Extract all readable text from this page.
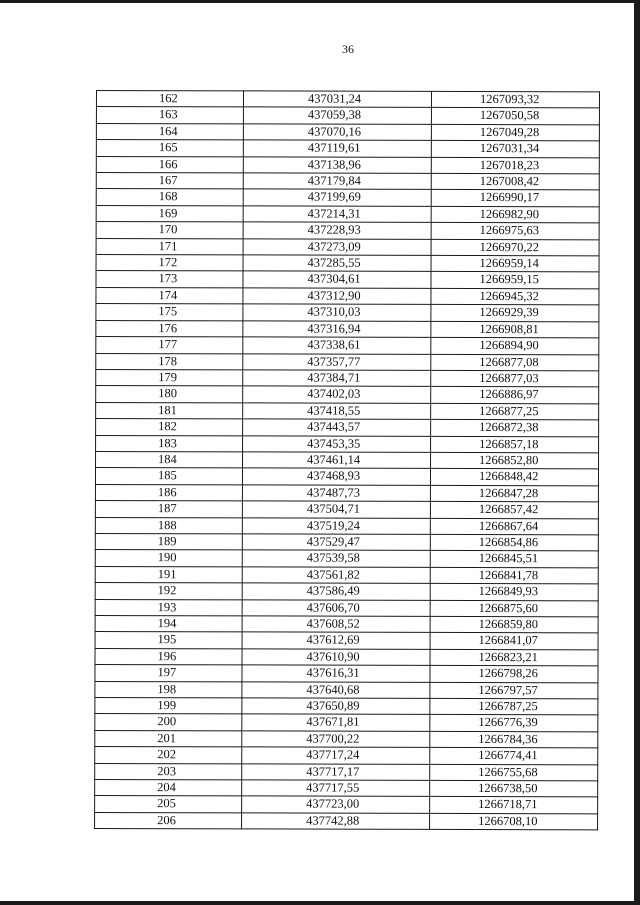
36
162	437031,24	1267093,32
163	437059,38	1267050,58
164	437070,16	1267049,28
165	437119,61	1267031,34
166	437138,96	1267018,23
167	437179,84	1267008,42
168	437199,69	1266990,17
169	437214,31	1266982,90
170	437228,93	1266975,63
171	437273,09	1266970,22
172	437285,55	1266959,14
173	437304,61	1266959,15
174	437312,90	1266945,32
175	437310,03	1266929,39
176	437316,94	1266908,81
177	437338,61	1266894,90
178	437357,77	1266877,08
179	437384,71	1266877,03
180	437402,03	1266886,97
181	437418,55	1266877,25
182	437443,57	1266872,38
183	437453,35	1266857,18
184	437461,14	1266852,80
185	437468,93	1266848,42
186	437487,73	1266847,28
187	437504,71	1266857,42
188	437519,24	1266867,64
189	437529,47	1266854,86
190	437539,58	1266845,51
191	437561,82	1266841,78
192	437586,49	1266849,93
193	437606,70	1266875,60
194	437608,52	1266859,80
195	437612,69	1266841,07
196	437610,90	1266823,21
197	437616,31	1266798,26
198	437640,68	1266797,57
199	437650,89	1266787,25
200	437671,81	1266776,39
201	437700,22	1266784,36
202	437717,24	1266774,41
203	437717,17	1266755,68
204	437717,55	1266738,50
205	437723,00	1266718,71
206	437742,88	1266708,10
